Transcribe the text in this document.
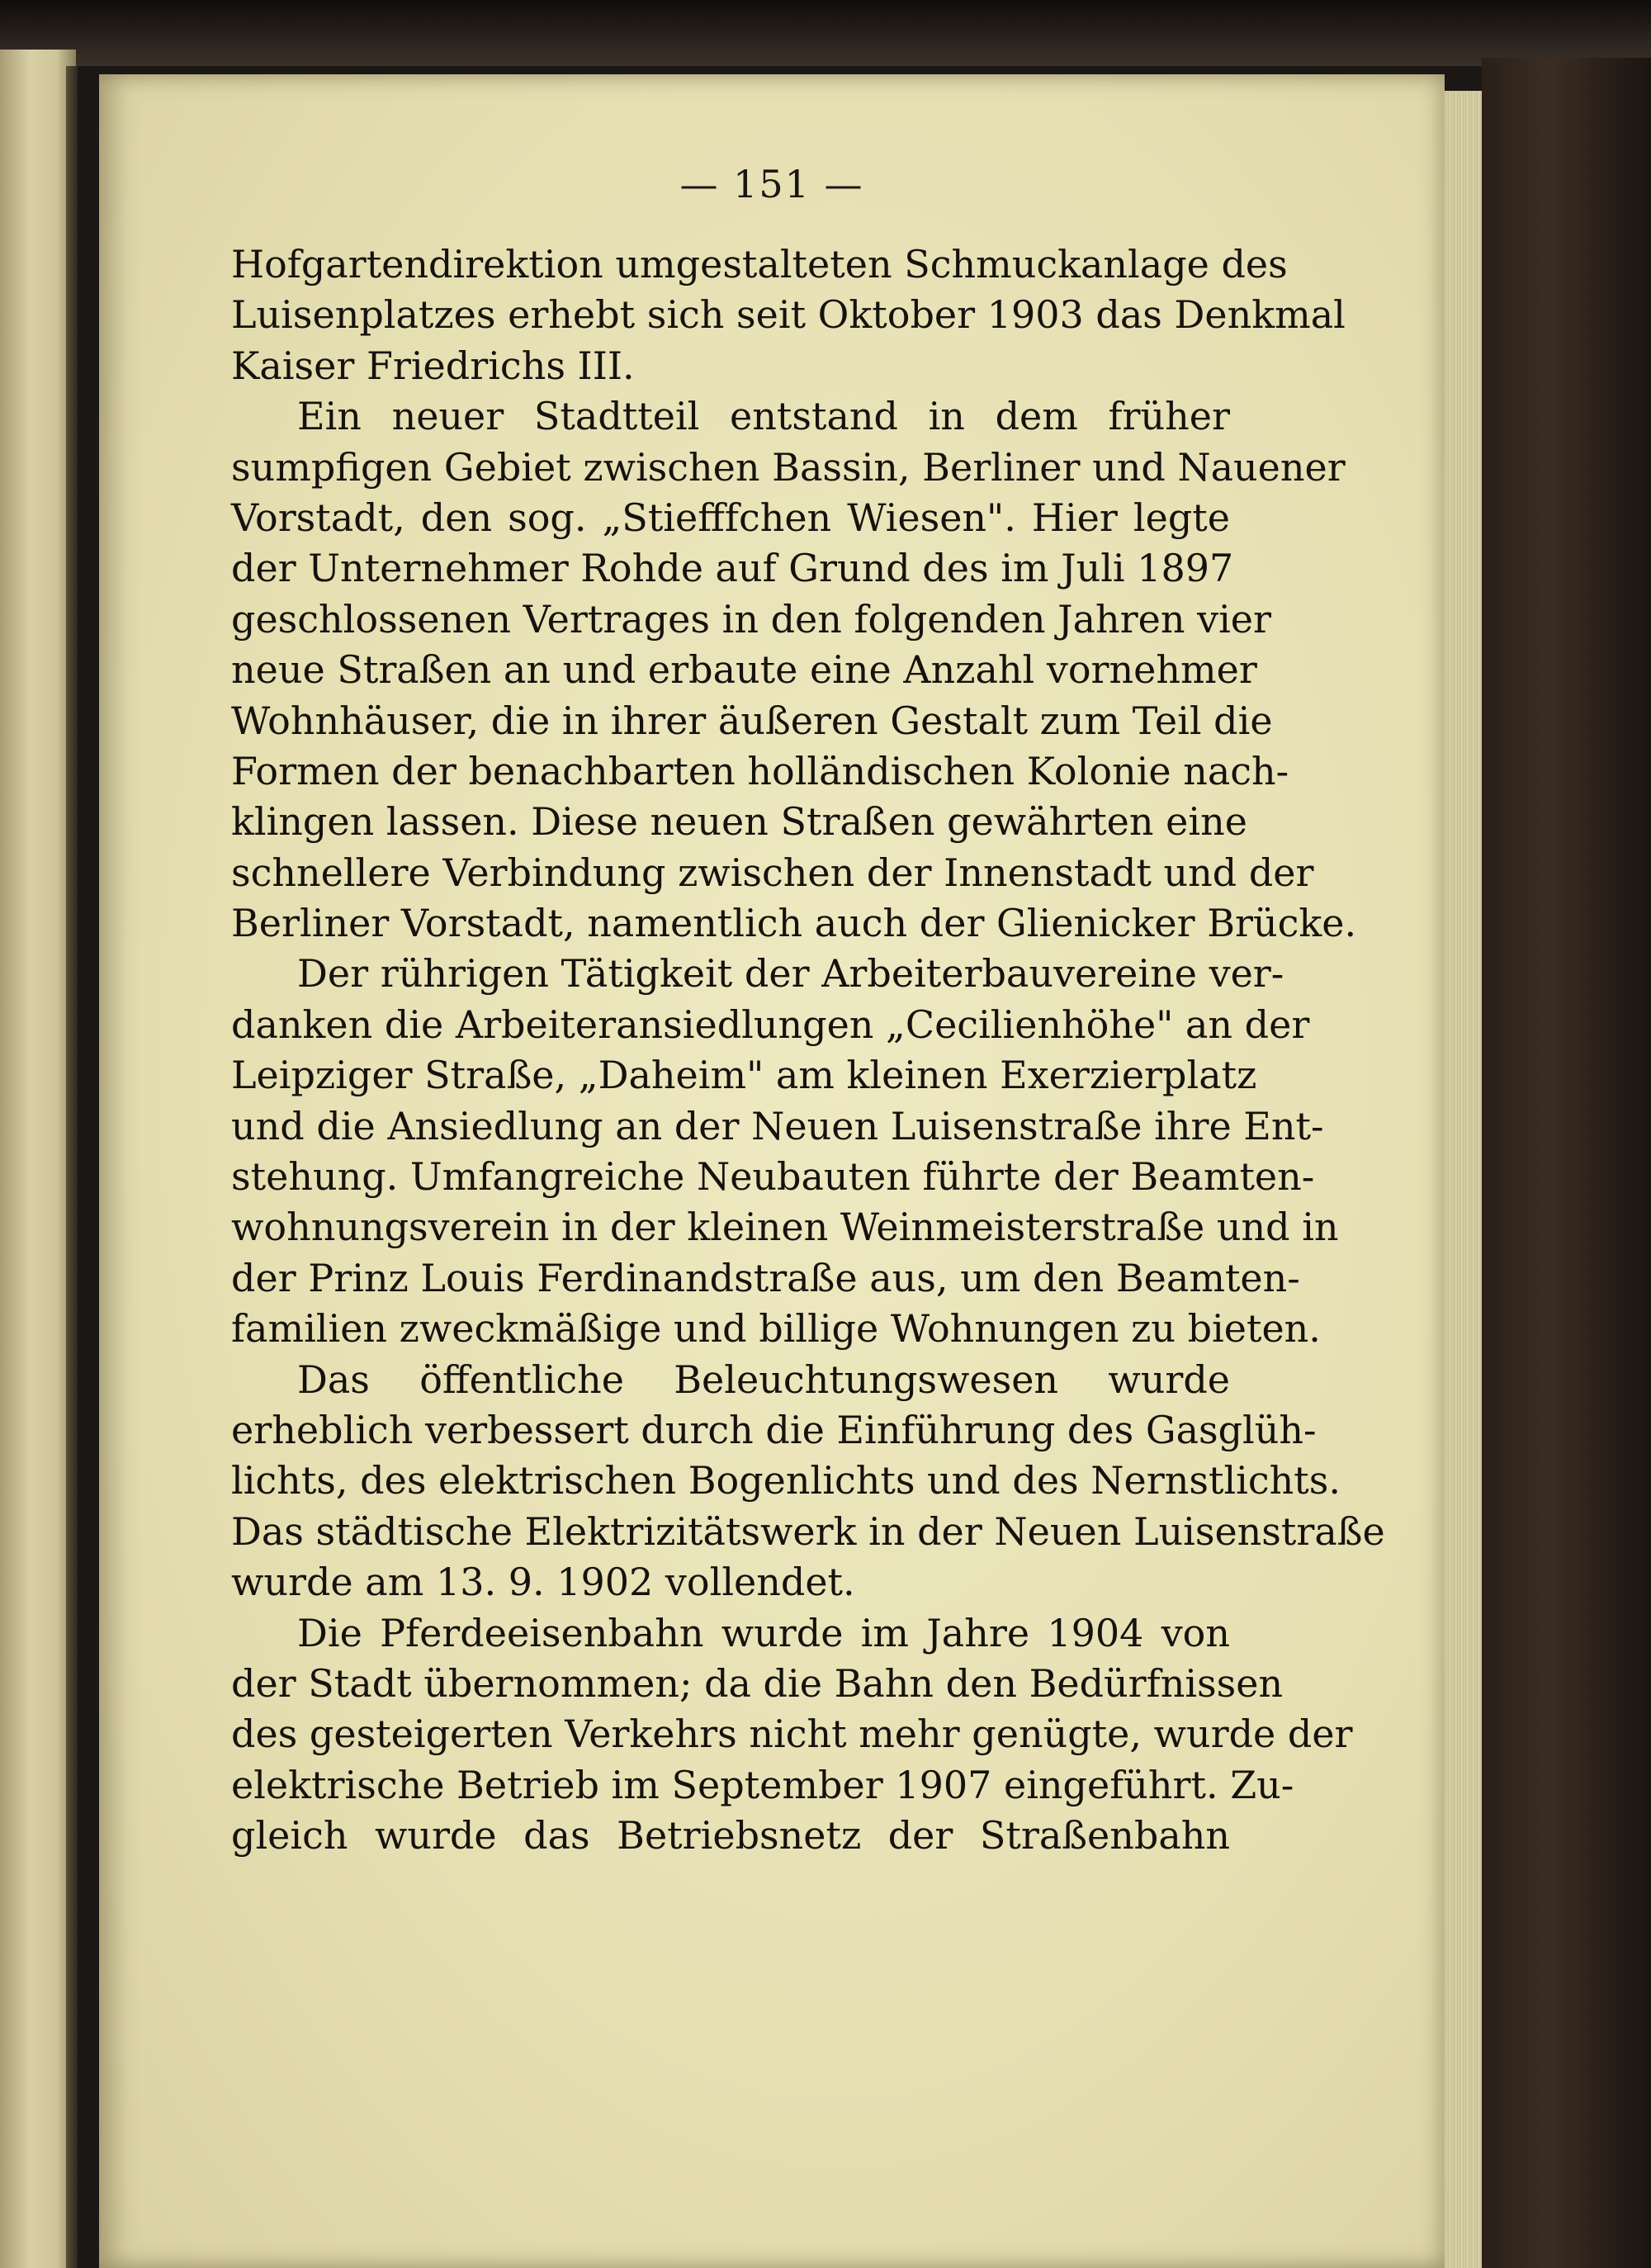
— 151 —
Hofgartendirektion umgestalteten Schmuckanlage des
Luisenplatzes erhebt sich seit Oktober 1903 das Denkmal
Kaiser Friedrichs III.
Ein neuer Stadtteil entstand in dem früher
sumpfigen Gebiet zwischen Bassin, Berliner und Nauener
Vorstadt, den sog. „Stiefffchen Wiesen". Hier legte
der Unternehmer Rohde auf Grund des im Juli 1897
geschlossenen Vertrages in den folgenden Jahren vier
neue Straßen an und erbaute eine Anzahl vornehmer
Wohnhäuser, die in ihrer äußeren Gestalt zum Teil die
Formen der benachbarten holländischen Kolonie nach-
klingen lassen. Diese neuen Straßen gewährten eine
schnellere Verbindung zwischen der Innenstadt und der
Berliner Vorstadt, namentlich auch der Glienicker Brücke.
Der rührigen Tätigkeit der Arbeiterbauvereine ver-
danken die Arbeiteransiedlungen „Cecilienhöhe" an der
Leipziger Straße, „Daheim" am kleinen Exerzierplatz
und die Ansiedlung an der Neuen Luisenstraße ihre Ent-
stehung. Umfangreiche Neubauten führte der Beamten-
wohnungsverein in der kleinen Weinmeisterstraße und in
der Prinz Louis Ferdinandstraße aus, um den Beamten-
familien zweckmäßige und billige Wohnungen zu bieten.
Das öffentliche Beleuchtungswesen wurde
erheblich verbessert durch die Einführung des Gasglüh-
lichts, des elektrischen Bogenlichts und des Nernstlichts.
Das städtische Elektrizitätswerk in der Neuen Luisenstraße
wurde am 13. 9. 1902 vollendet.
Die Pferdeeisenbahn wurde im Jahre 1904 von
der Stadt übernommen; da die Bahn den Bedürfnissen
des gesteigerten Verkehrs nicht mehr genügte, wurde der
elektrische Betrieb im September 1907 eingeführt. Zu-
gleich wurde das Betriebsnetz der Straßenbahn
